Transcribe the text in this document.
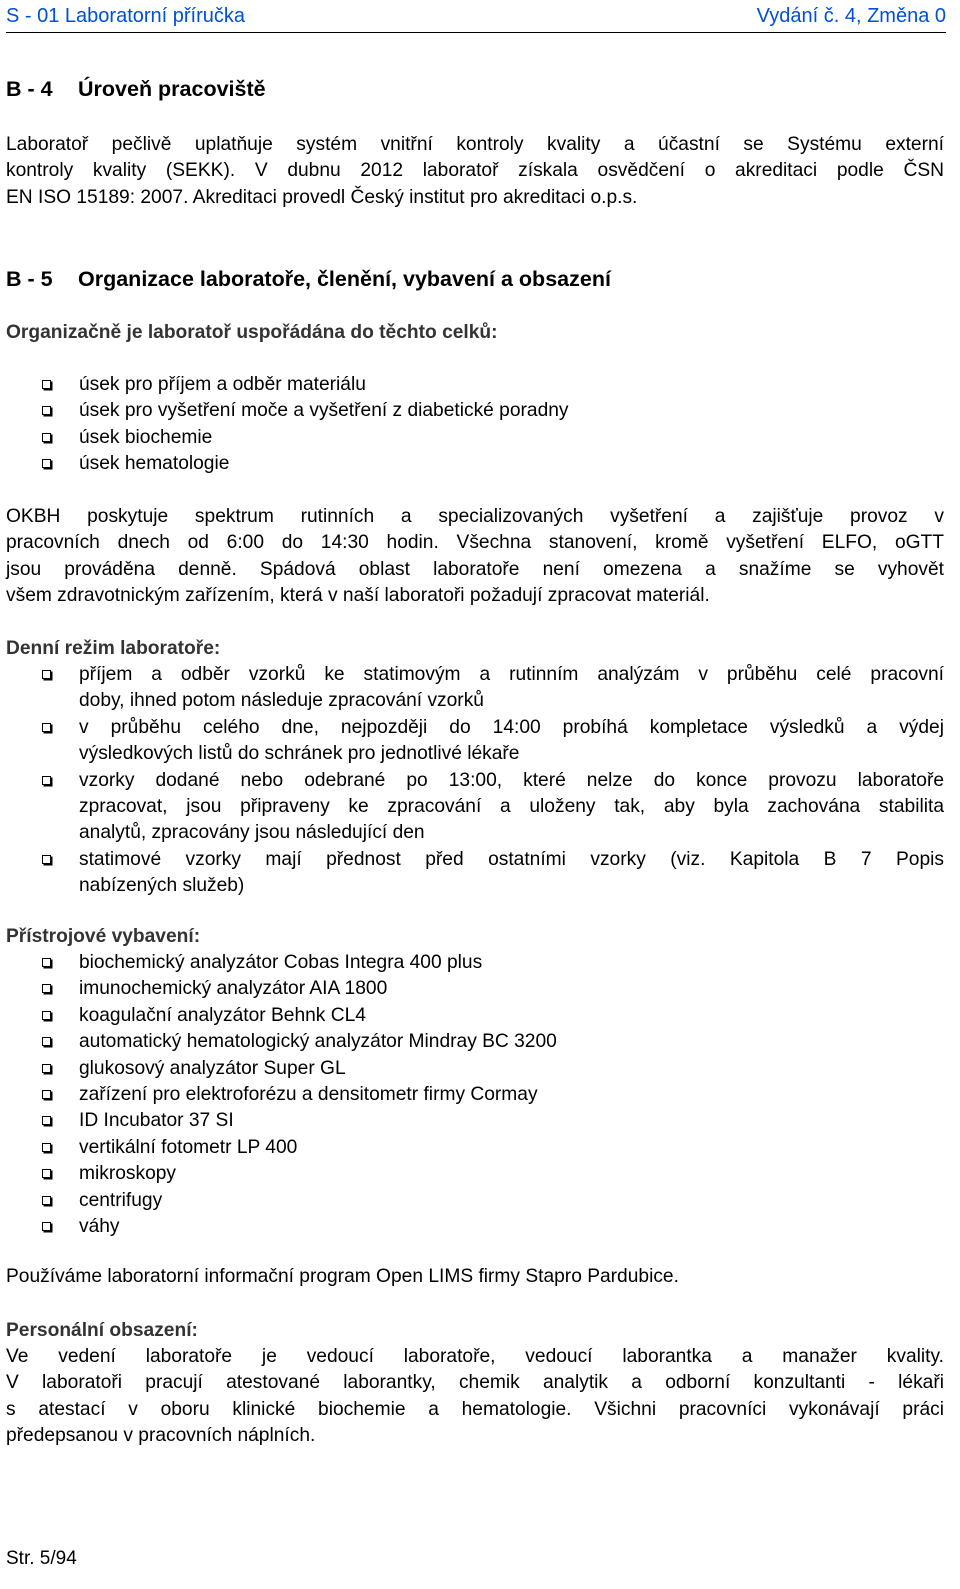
S - 01 Laboratorní příručka	Vydání č. 4, Změna 0
B - 4 Úroveň pracoviště
Laboratoř pečlivě uplatňuje systém vnitřní kontroly kvality a účastní se Systému externí
kontroly kvality (SEKK). V dubnu 2012 laboratoř získala osvědčení o akreditaci podle ČSN
EN ISO 15189: 2007. Akreditaci provedl Český institut pro akreditaci o.p.s.
B - 5 Organizace laboratoře, členění, vybavení a obsazení
Organizačně je laboratoř uspořádána do těchto celků:
úsek pro příjem a odběr materiálu
úsek pro vyšetření moče a vyšetření z diabetické poradny
úsek biochemie
úsek hematologie
OKBH poskytuje spektrum rutinních a specializovaných vyšetření a zajišťuje provoz v
pracovních dnech od 6:00 do 14:30 hodin. Všechna stanovení, kromě vyšetření ELFO, oGTT
jsou prováděna denně. Spádová oblast laboratoře není omezena a snažíme se vyhovět
všem zdravotnickým zařízením, která v naší laboratoři požadují zpracovat materiál.
Denní režim laboratoře:
příjem a odběr vzorků ke statimovým a rutinním analýzám v průběhu celé pracovní
doby, ihned potom následuje zpracování vzorků
v průběhu celého dne, nejpozději do 14:00 probíhá kompletace výsledků a výdej
výsledkových listů do schránek pro jednotlivé lékaře
vzorky dodané nebo odebrané po 13:00, které nelze do konce provozu laboratoře
zpracovat, jsou připraveny ke zpracování a uloženy tak, aby byla zachována stabilita
analytů, zpracovány jsou následující den
statimové vzorky mají přednost před ostatními vzorky (viz. Kapitola B 7 Popis
nabízených služeb)
Přístrojové vybavení:
biochemický analyzátor Cobas Integra 400 plus
imunochemický analyzátor AIA 1800
koagulační analyzátor Behnk CL4
automatický hematologický analyzátor Mindray BC 3200
glukosový analyzátor Super GL
zařízení pro elektroforézu a densitometr firmy Cormay
ID Incubator 37 SI
vertikální fotometr LP 400
mikroskopy
centrifugy
váhy
Používáme laboratorní informační program Open LIMS firmy Stapro Pardubice.
Personální obsazení:
Ve vedení laboratoře je vedoucí laboratoře, vedoucí laborantka a manažer kvality.
V laboratoři pracují atestované laborantky, chemik analytik a odborní konzultanti - lékaři
s atestací v oboru klinické biochemie a hematologie. Všichni pracovníci vykonávají práci
předepsanou v pracovních náplních.
Str. 5/94
